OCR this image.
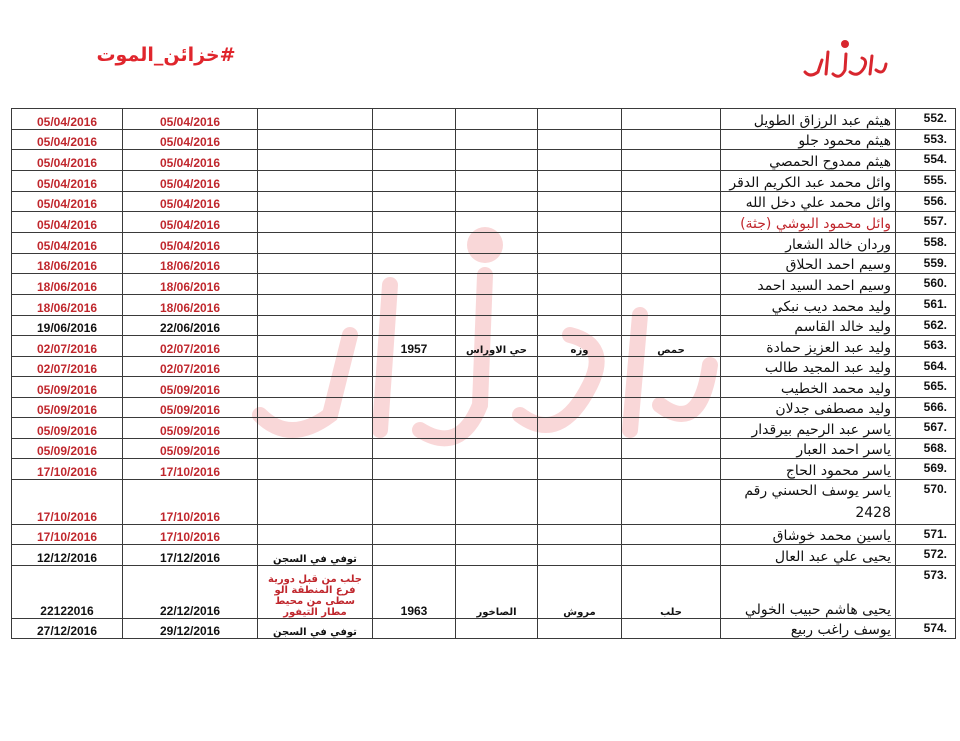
#خزائن_الموت
05/04/2016	05/04/2016						هيثم عبد الرزاق الطويل	552.
05/04/2016	05/04/2016						هيثم محمود جلو	553.
05/04/2016	05/04/2016						هيثم ممدوح الحمصي	554.
05/04/2016	05/04/2016						وائل محمد عبد الكريم الدقر	555.
05/04/2016	05/04/2016						وائل محمد علي دخل الله	556.
05/04/2016	05/04/2016						وائل محمود البوشي (جثة)	557.
05/04/2016	05/04/2016						وردان خالد الشعار	558.
18/06/2016	18/06/2016						وسيم احمد الحلاق	559.
18/06/2016	18/06/2016						وسيم احمد السيد احمد	560.
18/06/2016	18/06/2016						وليد محمد ديب نبكي	561.
19/06/2016	22/06/2016						وليد خالد القاسم	562.
02/07/2016	02/07/2016		1957	حي الاوراس	وزه	حمص	وليد عبد العزيز حمادة	563.
02/07/2016	02/07/2016						وليد عبد المجيد طالب	564.
05/09/2016	05/09/2016						وليد محمد الخطيب	565.
05/09/2016	05/09/2016						وليد مصطفى جدلان	566.
05/09/2016	05/09/2016						ياسر عبد الرحيم بيرقدار	567.
05/09/2016	05/09/2016						ياسر احمد العبار	568.
17/10/2016	17/10/2016						ياسر محمود الحاج	569.
17/10/2016	17/10/2016						ياسر يوسف الحسني رقم 2428	570.
17/10/2016	17/10/2016						ياسين محمد خوشاق	571.
12/12/2016	17/12/2016	توفي في السجن					يحيى علي عبد العال	572.
22122016	22/12/2016	جلب من قبل دورية فرع المنطقة الو سطى من محيط مطار التيفور	1963	الصاخور	مروش	حلب	يحيى هاشم حبيب الخولي	573.
27/12/2016	29/12/2016	توفي في السجن					يوسف راغب ربيع	574.
